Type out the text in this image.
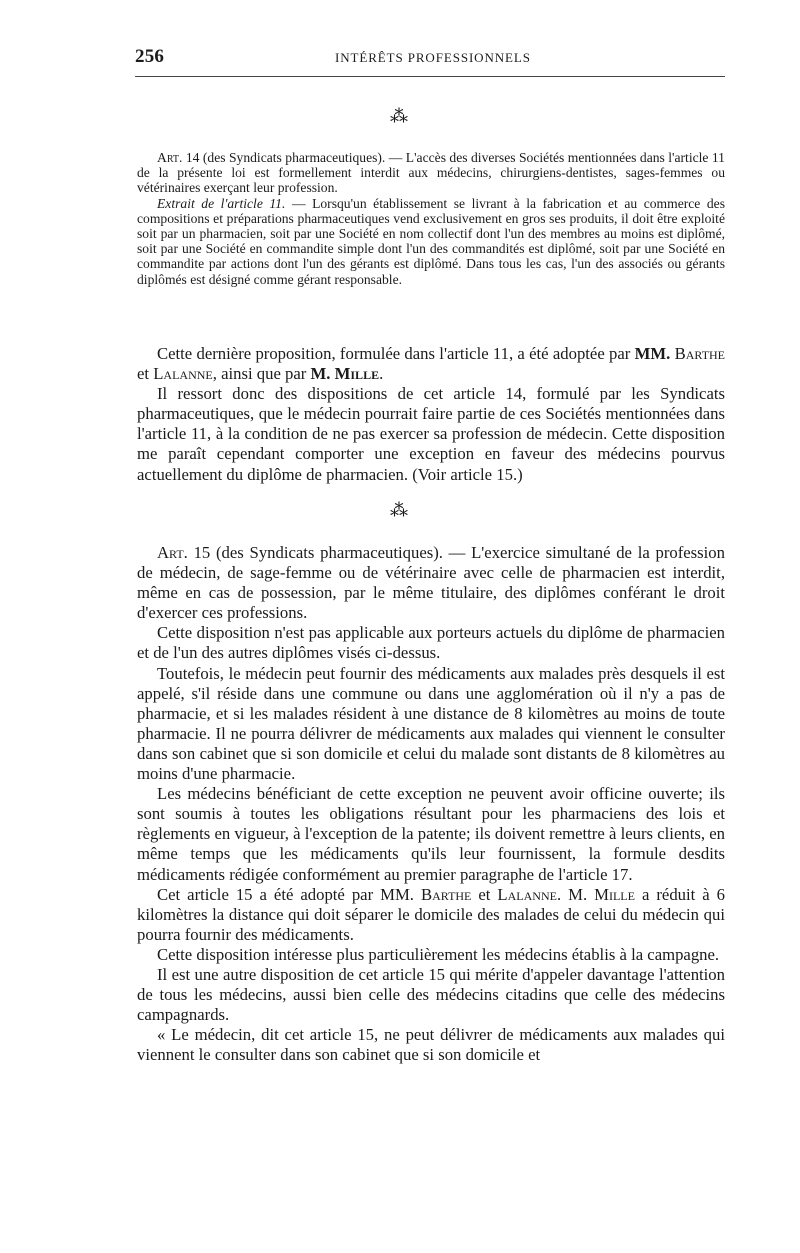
256	INTÉRÊTS PROFESSIONNELS
⁂

Art. 14 (des Syndicats pharmaceutiques). — L'accès des diverses Sociétés mentionnées dans l'article 11 de la présente loi est formellement interdit aux médecins, chirurgiens-dentistes, sages-femmes ou vétérinaires exerçant leur profession.

Extrait de l'article 11. — Lorsqu'un établissement se livrant à la fabrication et au commerce des compositions et préparations pharmaceutiques vend exclusivement en gros ses produits, il doit être exploité soit par un pharmacien, soit par une Société en nom collectif dont l'un des membres au moins est diplômé, soit par une Société en commandite simple dont l'un des commandités est diplômé, soit par une Société en commandite par actions dont l'un des gérants est diplômé. Dans tous les cas, l'un des associés ou gérants diplômés est désigné comme gérant responsable.

Cette dernière proposition, formulée dans l'article 11, a été adoptée par MM. Barthe et Lalanne, ainsi que par M. Mille.

Il ressort donc des dispositions de cet article 14, formulé par les Syndicats pharmaceutiques, que le médecin pourrait faire partie de ces Sociétés mentionnées dans l'article 11, à la condition de ne pas exercer sa profession de médecin. Cette disposition me paraît cependant comporter une exception en faveur des médecins pourvus actuellement du diplôme de pharmacien. (Voir article 15.)

⁂

Art. 15 (des Syndicats pharmaceutiques). — L'exercice simultané de la profession de médecin, de sage-femme ou de vétérinaire avec celle de pharmacien est interdit, même en cas de possession, par le même titulaire, des diplômes conférant le droit d'exercer ces professions.

Cette disposition n'est pas applicable aux porteurs actuels du diplôme de pharmacien et de l'un des autres diplômes visés ci-dessus.

Toutefois, le médecin peut fournir des médicaments aux malades près desquels il est appelé, s'il réside dans une commune ou dans une agglomération où il n'y a pas de pharmacie, et si les malades résident à une distance de 8 kilomètres au moins de toute pharmacie. Il ne pourra délivrer de médicaments aux malades qui viennent le consulter dans son cabinet que si son domicile et celui du malade sont distants de 8 kilomètres au moins d'une pharmacie.

Les médecins bénéficiant de cette exception ne peuvent avoir officine ouverte; ils sont soumis à toutes les obligations résultant pour les pharmaciens des lois et règlements en vigueur, à l'exception de la patente; ils doivent remettre à leurs clients, en même temps que les médicaments qu'ils leur fournissent, la formule desdits médicaments rédigée conformément au premier paragraphe de l'article 17.

Cet article 15 a été adopté par MM. Barthe et Lalanne. M. Mille a réduit à 6 kilomètres la distance qui doit séparer le domicile des malades de celui du médecin qui pourra fournir des médicaments.

Cette disposition intéresse plus particulièrement les médecins établis à la campagne.

Il est une autre disposition de cet article 15 qui mérite d'appeler davantage l'attention de tous les médecins, aussi bien celle des médecins citadins que celle des médecins campagnards.

« Le médecin, dit cet article 15, ne peut délivrer de médicaments aux malades qui viennent le consulter dans son cabinet que si son domicile et
